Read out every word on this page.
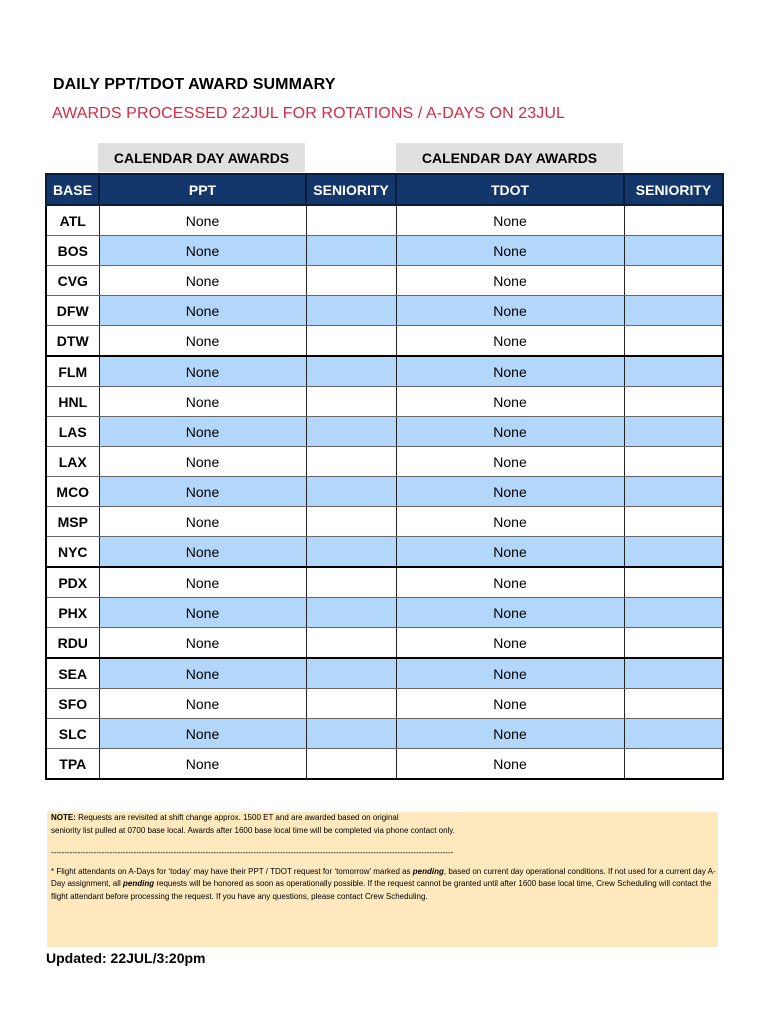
DAILY PPT/TDOT AWARD SUMMARY
AWARDS PROCESSED 22JUL FOR ROTATIONS / A-DAYS ON 23JUL
CALENDAR DAY AWARDS	CALENDAR DAY AWARDS
BASE	PPT	SENIORITY	TDOT	SENIORITY
ATL	None		None	
BOS	None		None	
CVG	None		None	
DFW	None		None	
DTW	None		None	
FLM	None		None	
HNL	None		None	
LAS	None		None	
LAX	None		None	
MCO	None		None	
MSP	None		None	
NYC	None		None	
PDX	None		None	
PHX	None		None	
RDU	None		None	
SEA	None		None	
SFO	None		None	
SLC	None		None	
TPA	None		None	

NOTE: Requests are revisited at shift change approx. 1500 ET and are awarded based on original

seniority list pulled at 0700 base local. Awards after 1600 base local time will be completed via phone contact only.

-------------------------------------------------------------------------------------------------------------------------------------------------------

* Flight attendants on A-Days for ‘today’ may have their PPT / TDOT request for ‘tomorrow’ marked as pending, based on current day operational conditions. If not used for a current day A-Day assignment, all pending requests will be honored as soon as operationally possible. If the request cannot be granted until after 1600 base local time, Crew Scheduling will contact the flight attendant before processing the request. If you have any questions, please contact Crew Scheduling.

Updated: 22JUL/3:20pm
